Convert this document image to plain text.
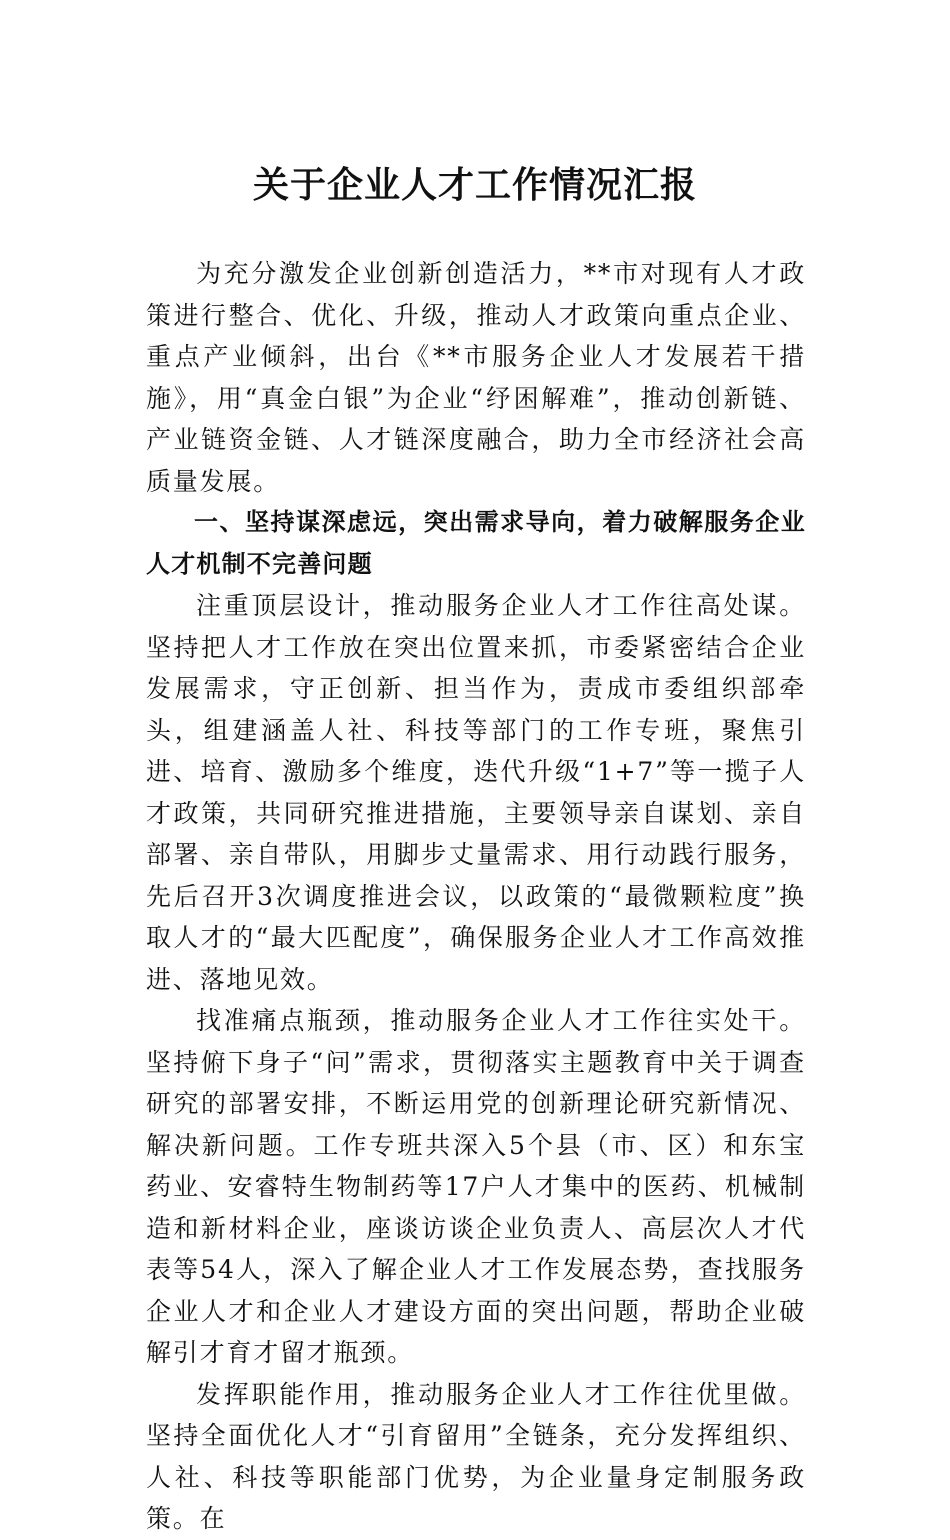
关于企业人才工作情况汇报

为充分激发企业创新创造活力，**市对现有人才政策进行整合、优化、升级，推动人才政策向重点企业、重点产业倾斜，出台《**市服务企业人才发展若干措施》，用“真金白银”为企业“纾困解难”，推动创新链、产业链资金链、人才链深度融合，助力全市经济社会高质量发展。

一、坚持谋深虑远，突出需求导向，着力破解服务企业人才机制不完善问题

注重顶层设计，推动服务企业人才工作往高处谋。坚持把人才工作放在突出位置来抓，市委紧密结合企业发展需求，守正创新、担当作为，责成市委组织部牵头，组建涵盖人社、科技等部门的工作专班，聚焦引进、培育、激励多个维度，迭代升级“1+7”等一揽子人才政策，共同研究推进措施，主要领导亲自谋划、亲自部署、亲自带队，用脚步丈量需求、用行动践行服务，先后召开3次调度推进会议，以政策的“最微颗粒度”换取人才的“最大匹配度”，确保服务企业人才工作高效推进、落地见效。

找准痛点瓶颈，推动服务企业人才工作往实处干。坚持俯下身子“问”需求，贯彻落实主题教育中关于调查研究的部署安排，不断运用党的创新理论研究新情况、解决新问题。工作专班共深入5个县（市、区）和东宝药业、安睿特生物制药等17户人才集中的医药、机械制造和新材料企业，座谈访谈企业负责人、高层次人才代表等54人，深入了解企业人才工作发展态势，查找服务企业人才和企业人才建设方面的突出问题，帮助企业破解引才育才留才瓶颈。

发挥职能作用，推动服务企业人才工作往优里做。坚持全面优化人才“引育留用”全链条，充分发挥组织、人社、科技等职能部门优势，为企业量身定制服务政策。在
